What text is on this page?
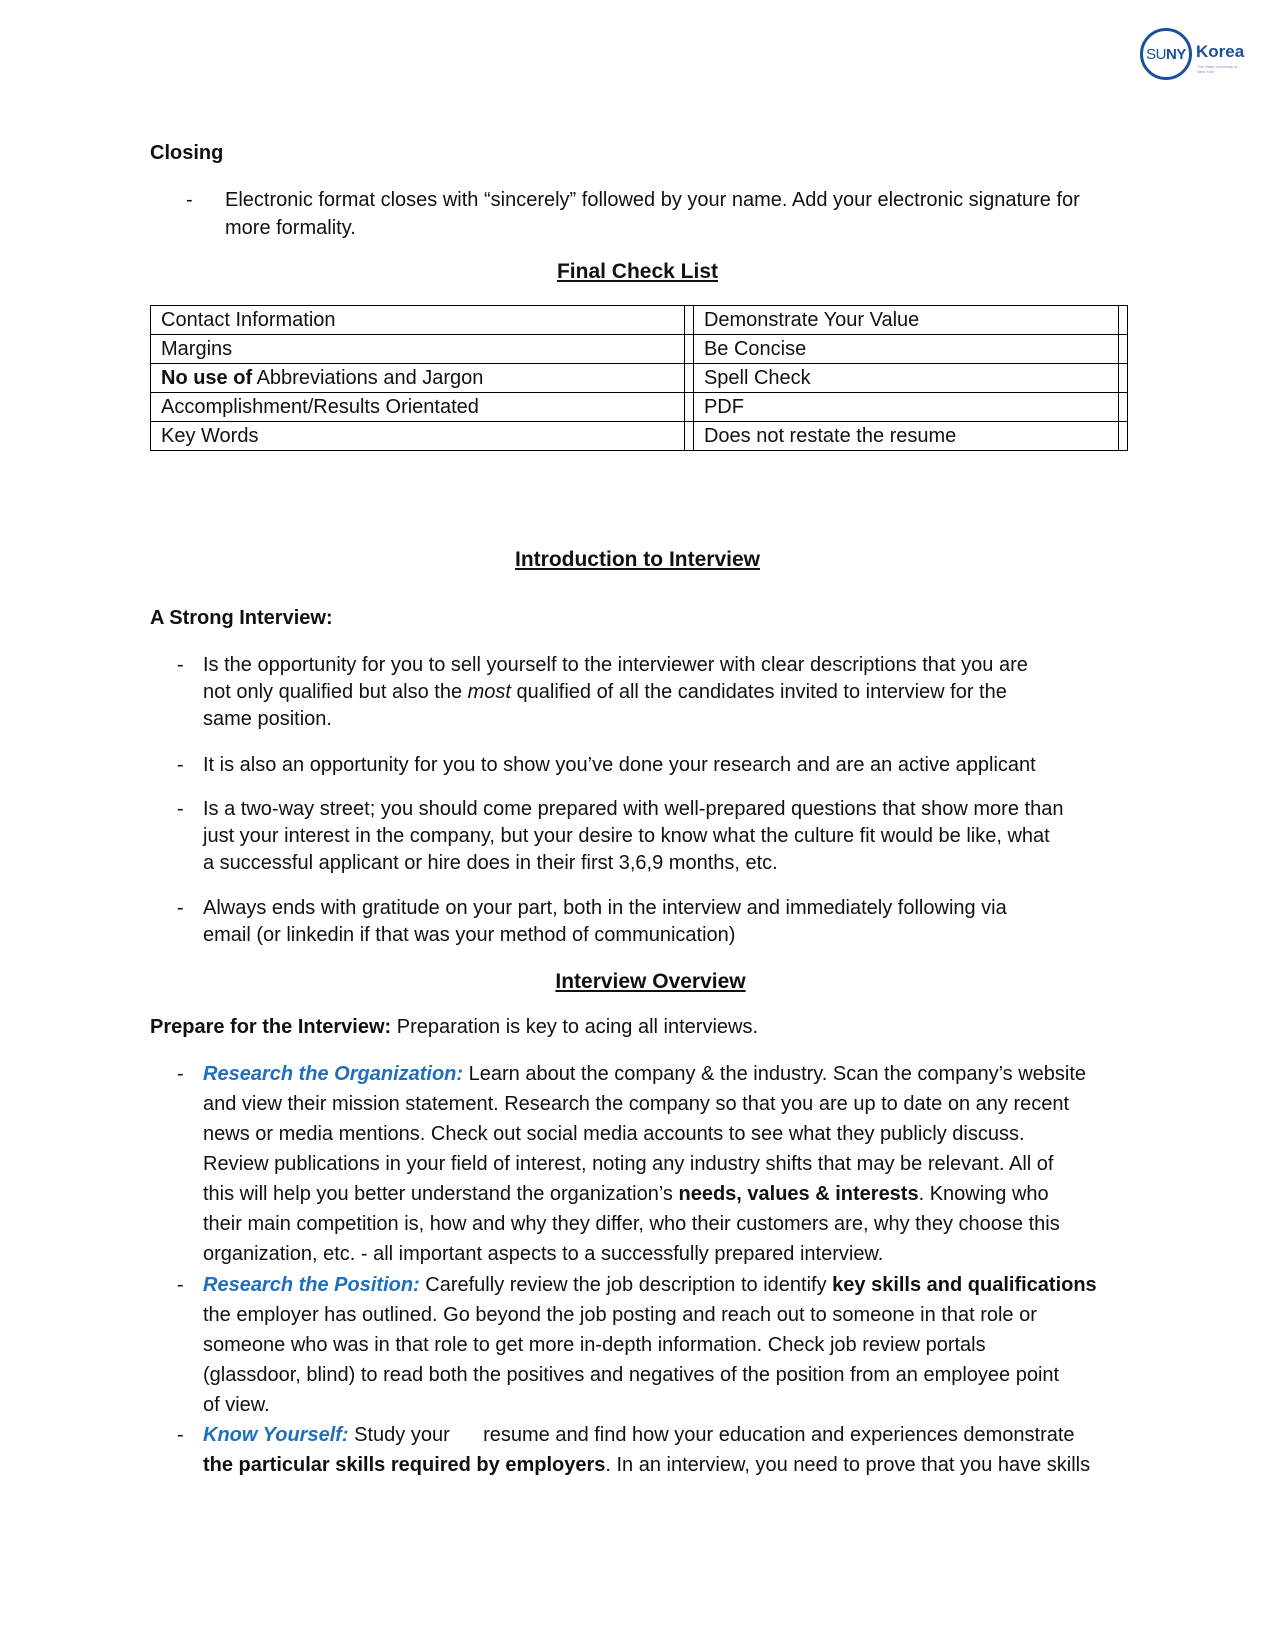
SU NY Korea
The State University of New York
Closing
- Electronic format closes with “sincerely” followed by your name. Add your electronic signature for more formality.
Final Check List
Contact Information		Demonstrate Your Value	
Margins		Be Concise	
No use of Abbreviations and Jargon		Spell Check	
Accomplishment/Results Orientated		PDF	
Key Words		Does not restate the resume	
Introduction to Interview
A Strong Interview:
- Is the opportunity for you to sell yourself to the interviewer with clear descriptions that you are
not only qualified but also the most qualified of all the candidates invited to interview for the
same position.
- It is also an opportunity for you to show you’ve done your research and are an active applicant
- Is a two-way street; you should come prepared with well-prepared questions that show more than
just your interest in the company, but your desire to know what the culture fit would be like, what
a successful applicant or hire does in their first 3,6,9 months, etc.
- Always ends with gratitude on your part, both in the interview and immediately following via
email (or linkedin if that was your method of communication)
Interview Overview
Prepare for the Interview: Preparation is key to acing all interviews.
- Research the Organization: Learn about the company & the industry. Scan the company’s website
and view their mission statement. Research the company so that you are up to date on any recent
news or media mentions. Check out social media accounts to see what they publicly discuss.
Review publications in your field of interest, noting any industry shifts that may be relevant. All of
this will help you better understand the organization’s needs, values & interests. Knowing who
their main competition is, how and why they differ, who their customers are, why they choose this
organization, etc. - all important aspects to a successfully prepared interview.
- Research the Position: Carefully review the job description to identify key skills and qualifications
the employer has outlined. Go beyond the job posting and reach out to someone in that role or
someone who was in that role to get more in-depth information. Check job review portals
(glassdoor, blind) to read both the positives and negatives of the position from an employee point
of view.
- Know Yourself: Study your      resume and find how your education and experiences demonstrate
the particular skills required by employers. In an interview, you need to prove that you have skills
